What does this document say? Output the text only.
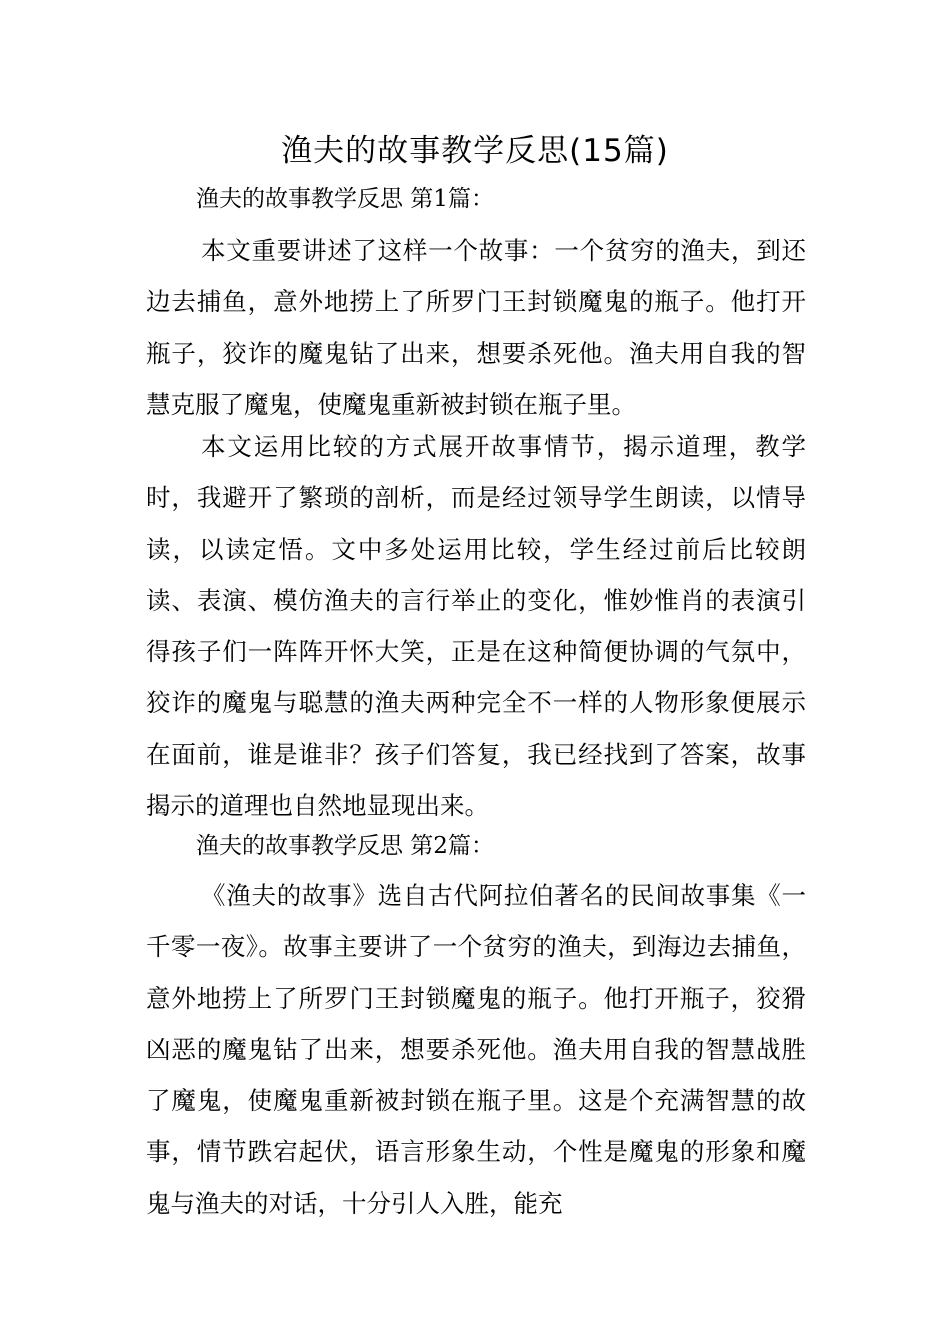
渔夫的故事教学反思(15篇)
渔夫的故事教学反思 第1篇：
本文重要讲述了这样一个故事：一个贫穷的渔夫，到还边去捕鱼，意外地捞上了所罗门王封锁魔鬼的瓶子。他打开瓶子，狡诈的魔鬼钻了出来，想要杀死他。渔夫用自我的智慧克服了魔鬼，使魔鬼重新被封锁在瓶子里。
本文运用比较的方式展开故事情节，揭示道理，教学时，我避开了繁琐的剖析，而是经过领导学生朗读，以情导读，以读定悟。文中多处运用比较，学生经过前后比较朗读、表演、模仿渔夫的言行举止的变化，惟妙惟肖的表演引得孩子们一阵阵开怀大笑，正是在这种简便协调的气氛中，狡诈的魔鬼与聪慧的渔夫两种完全不一样的人物形象便展示在面前，谁是谁非？孩子们答复，我已经找到了答案，故事揭示的道理也自然地显现出来。
渔夫的故事教学反思 第2篇：
《渔夫的故事》选自古代阿拉伯著名的民间故事集《一千零一夜》。故事主要讲了一个贫穷的渔夫，到海边去捕鱼，意外地捞上了所罗门王封锁魔鬼的瓶子。他打开瓶子，狡猾凶恶的魔鬼钻了出来，想要杀死他。渔夫用自我的智慧战胜了魔鬼，使魔鬼重新被封锁在瓶子里。这是个充满智慧的故事，情节跌宕起伏，语言形象生动，个性是魔鬼的形象和魔鬼与渔夫的对话，十分引人入胜，能充
